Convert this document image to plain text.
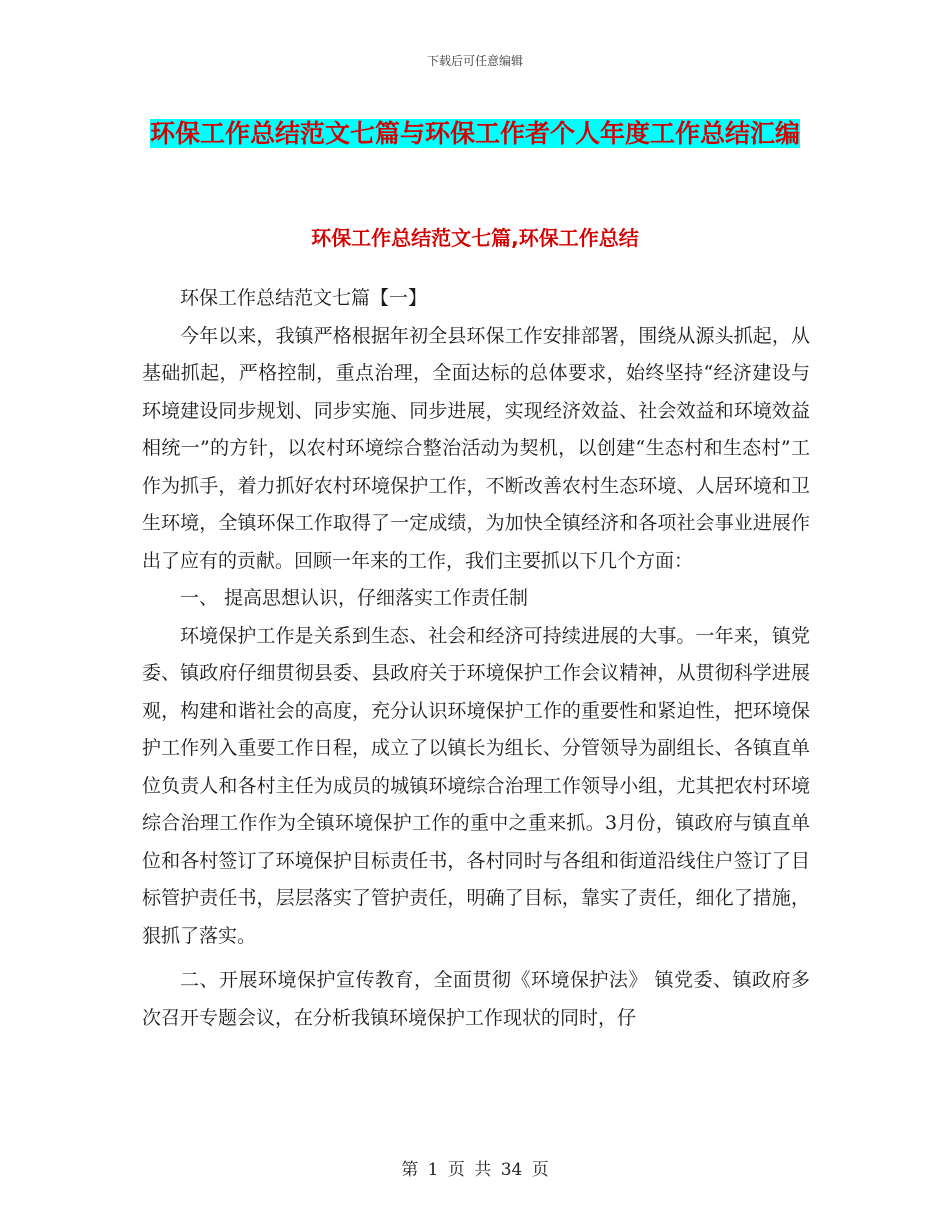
下载后可任意编辑
环保工作总结范文七篇与环保工作者个人年度工作总结汇编
环保工作总结范文七篇,环保工作总结

环保工作总结范文七篇【一】

今年以来，我镇严格根据年初全县环保工作安排部署，围绕从源头抓起，从基础抓起，严格控制，重点治理，全面达标的总体要求，始终坚持“经济建设与环境建设同步规划、同步实施、同步进展，实现经济效益、社会效益和环境效益相统一”的方针，以农村环境综合整治活动为契机，以创建“生态村和生态村”工作为抓手，着力抓好农村环境保护工作，不断改善农村生态环境、人居环境和卫生环境，全镇环保工作取得了一定成绩，为加快全镇经济和各项社会事业进展作出了应有的贡献。回顾一年来的工作，我们主要抓以下几个方面：

一、 提高思想认识，仔细落实工作责任制

环境保护工作是关系到生态、社会和经济可持续进展的大事。一年来，镇党委、镇政府仔细贯彻县委、县政府关于环境保护工作会议精神，从贯彻科学进展观，构建和谐社会的高度，充分认识环境保护工作的重要性和紧迫性，把环境保护工作列入重要工作日程，成立了以镇长为组长、分管领导为副组长、各镇直单位负责人和各村主任为成员的城镇环境综合治理工作领导小组，尤其把农村环境综合治理工作作为全镇环境保护工作的重中之重来抓。3月份，镇政府与镇直单位和各村签订了环境保护目标责任书，各村同时与各组和街道沿线住户签订了目标管护责任书，层层落实了管护责任，明确了目标，靠实了责任，细化了措施，狠抓了落实。

二、开展环境保护宣传教育，全面贯彻《环境保护法》 镇党委、镇政府多次召开专题会议，在分析我镇环境保护工作现状的同时，仔

第 1 页 共 34 页
